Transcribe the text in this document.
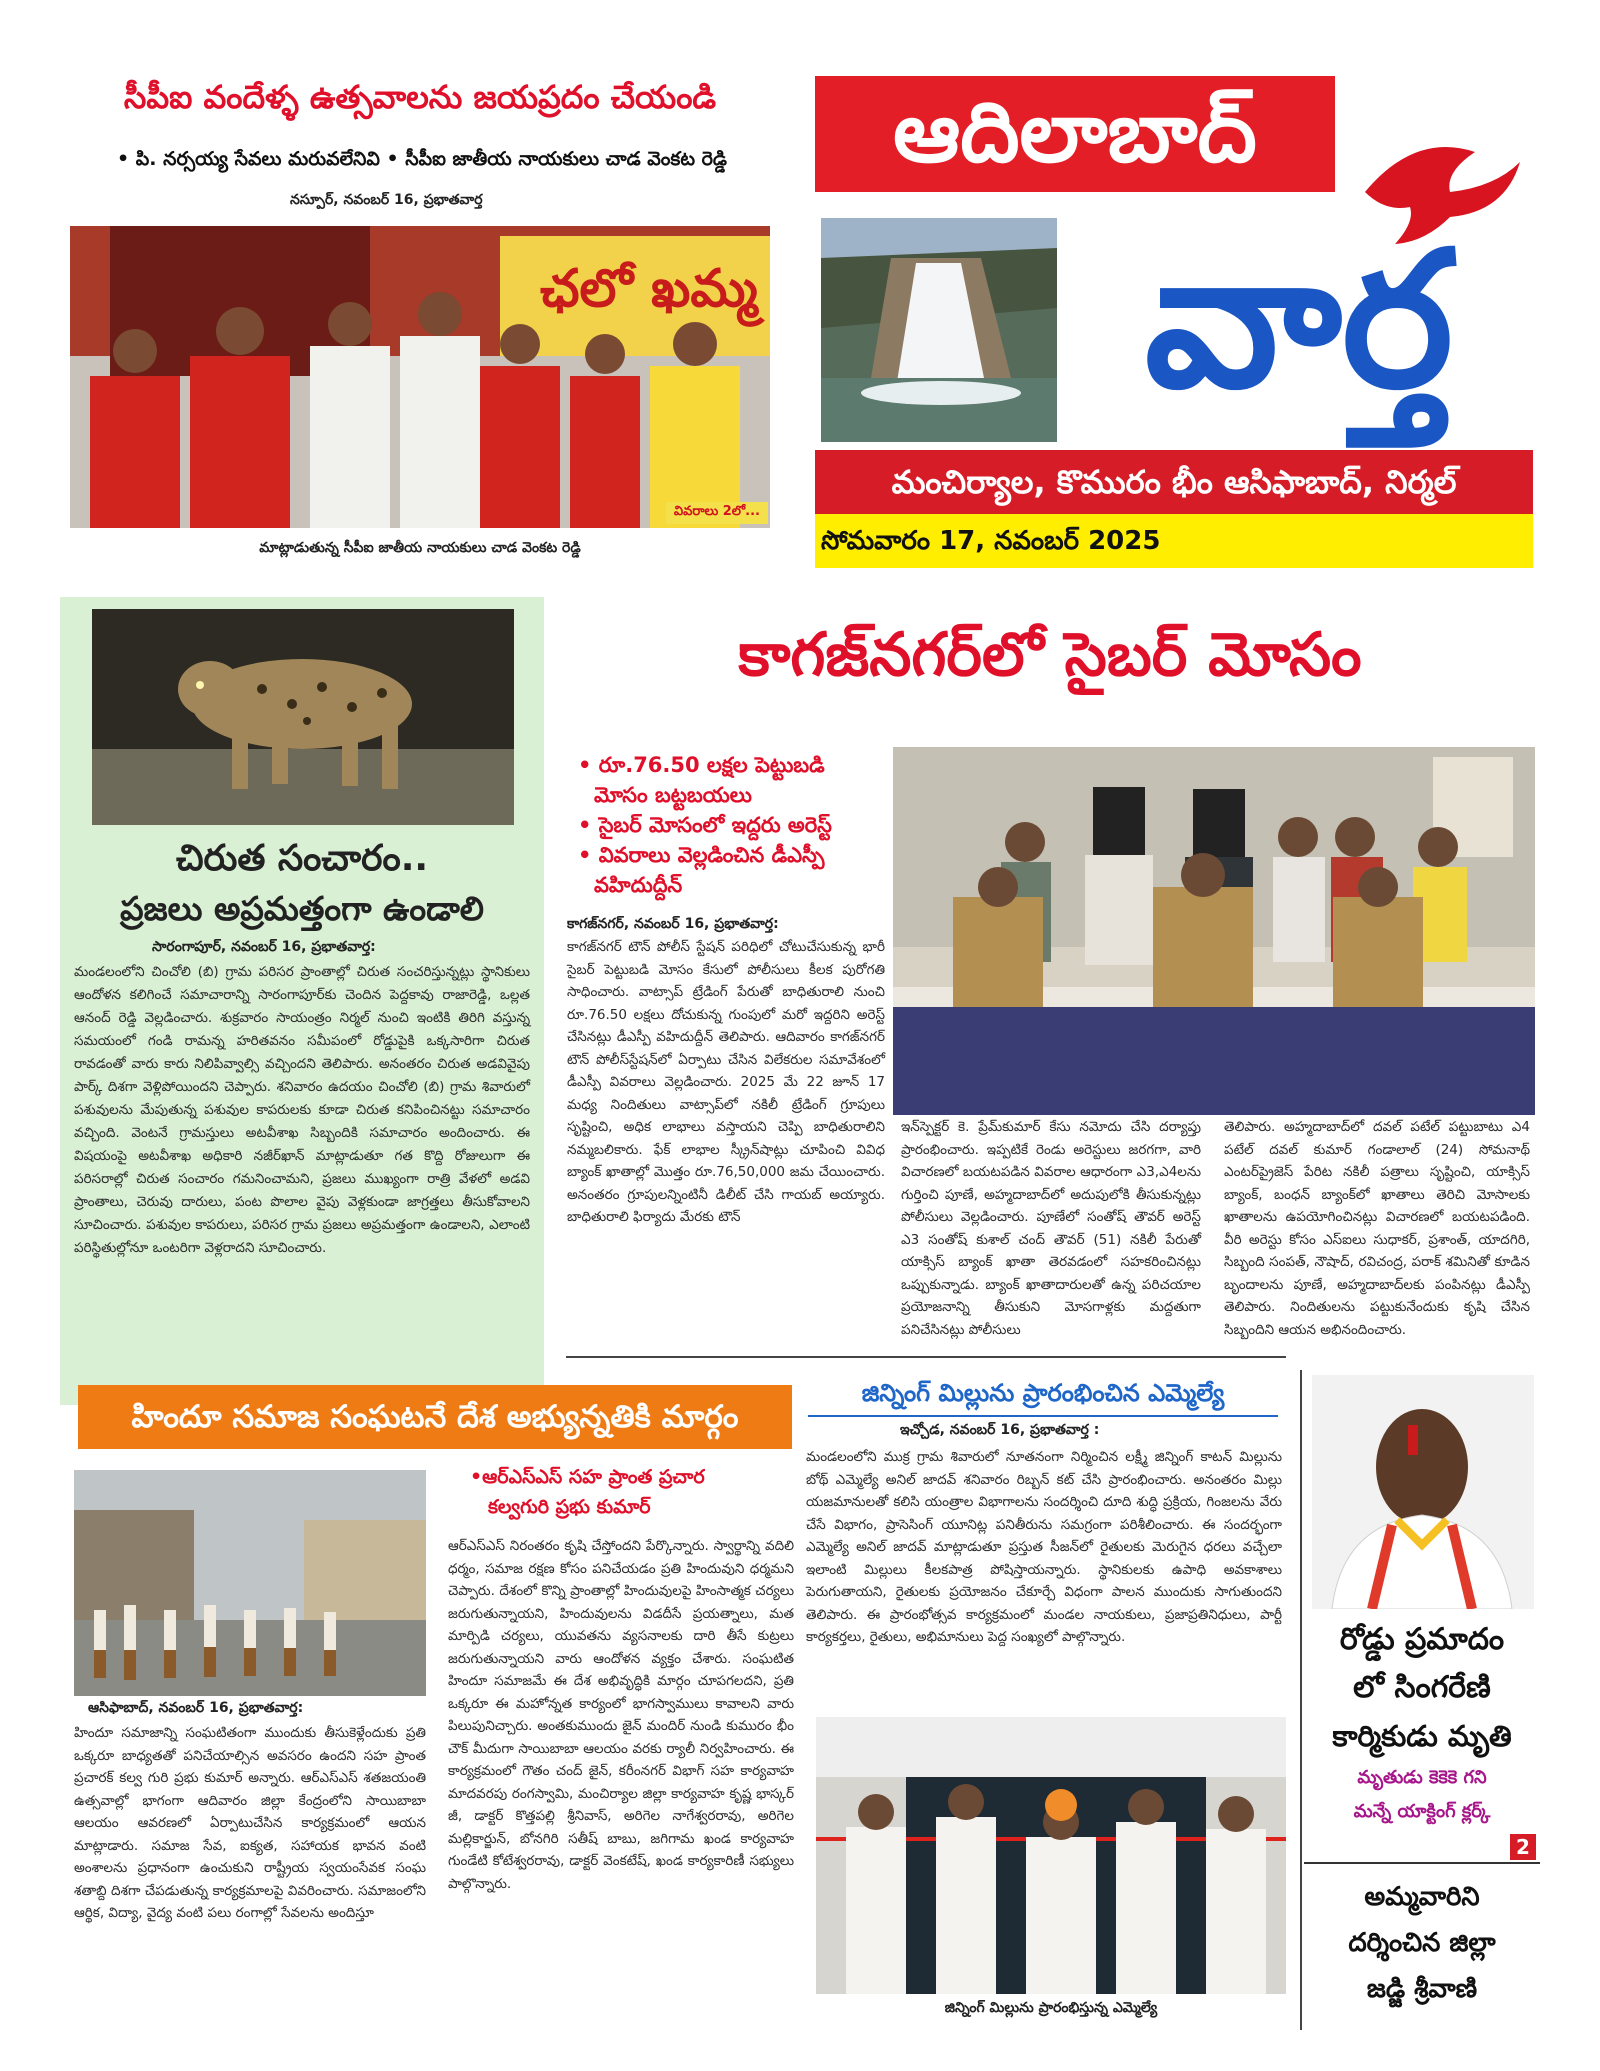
సీపీఐ వందేళ్ళ ఉత్సవాలను జయప్రదం చేయండి
• పి. నర్సయ్య సేవలు మరువలేనివి • సీపీఐ జాతీయ నాయకులు చాడ వెంకట రెడ్డి
నస్పూర్, నవంబర్ 16, ప్రభాతవార్త
ఛలో ఖమ్మ
వివరాలు 2లో...
మాట్లాడుతున్న సీపీఐ జాతీయ నాయకులు చాడ వెంకట రెడ్డి
ఆదిలాబాద్
వార్త
మంచిర్యాల, కొమురం భీం ఆసిఫాబాద్, నిర్మల్
సోమవారం 17, నవంబర్ 2025
చిరుత సంచారం..
ప్రజలు అప్రమత్తంగా ఉండాలి
సారంగాపూర్, నవంబర్ 16, ప్రభాతవార్త:
మండలంలోని చించోలి (బి) గ్రామ పరిసర ప్రాంతాల్లో చిరుత సంచరిస్తున్నట్లు స్థానికులు ఆందోళన కలిగించే సమాచారాన్ని సారంగాపూర్‌కు చెందిన పెద్దకావు రాజారెడ్డి, ఒల్లత ఆనంద్ రెడ్డి వెల్లడించారు. శుక్రవారం సాయంత్రం నిర్మల్ నుంచి ఇంటికి తిరిగి వస్తున్న సమయంలో గండి రామన్న హరితవనం సమీపంలో రోడ్డుపైకి ఒక్కసారిగా చిరుత రావడంతో వారు కారు నిలిపివ్వాల్సి వచ్చిందని తెలిపారు. అనంతరం చిరుత అడవివైపు పార్క్ దిశగా వెళ్లిపోయిందని చెప్పారు. శనివారం ఉదయం చించోలి (బి) గ్రామ శివారులో పశువులను మేపుతున్న పశువుల కాపరులకు కూడా చిరుత కనిపించినట్టు సమాచారం వచ్చింది. వెంటనే గ్రామస్తులు అటవీశాఖ సిబ్బందికి సమాచారం అందించారు. ఈ విషయంపై అటవీశాఖ అధికారి నజీర్‌ఖాన్ మాట్లాడుతూ గత కొద్ది రోజులుగా ఈ పరిసరాల్లో చిరుత సంచారం గమనించామని, ప్రజలు ముఖ్యంగా రాత్రి వేళలో అడవి ప్రాంతాలు, చెరువు దారులు, పంట పొలాల వైపు వెళ్లకుండా జాగ్రత్తలు తీసుకోవాలని సూచించారు. పశువుల కాపరులు, పరిసర గ్రామ ప్రజలు అప్రమత్తంగా ఉండాలని, ఎలాంటి పరిస్థితుల్లోనూ ఒంటరిగా వెళ్లరాదని సూచించారు.
కాగజ్‌నగర్‌లో సైబర్ మోసం
• రూ.76.50 లక్షల పెట్టుబడి
మోసం బట్టబయలు
• సైబర్ మోసంలో ఇద్దరు అరెస్ట్
• వివరాలు వెల్లడించిన డీఎస్పీ
వహిదుద్దీన్
కాగజ్‌నగర్, నవంబర్ 16, ప్రభాతవార్త:
కాగజ్‌నగర్ టౌన్ పోలీస్ స్టేషన్ పరిధిలో చోటుచేసుకున్న భారీ సైబర్ పెట్టుబడి మోసం కేసులో పోలీసులు కీలక పురోగతి సాధించారు. వాట్సాప్ ట్రేడింగ్ పేరుతో బాధితురాలి నుంచి రూ.76.50 లక్షలు దోచుకున్న గుంపులో మరో ఇద్దరిని అరెస్ట్ చేసినట్లు డీఎస్పీ వహిదుద్దీన్ తెలిపారు. ఆదివారం కాగజ్‌నగర్ టౌన్ పోలీస్‌స్టేషన్‌లో ఏర్పాటు చేసిన విలేకరుల సమావేశంలో డీఎస్పీ వివరాలు వెల్లడించారు. 2025 మే 22 జూన్ 17 మధ్య నిందితులు వాట్సాప్‌లో నకిలీ ట్రేడింగ్ గ్రూపులు సృష్టించి, అధిక లాభాలు వస్తాయని చెప్పి బాధితురాలిని నమ్మబలికారు. ఫేక్ లాభాల స్క్రీన్‌షాట్లు చూపించి వివిధ బ్యాంక్ ఖాతాల్లో మొత్తం రూ.76,50,000 జమ చేయించారు. అనంతరం గ్రూపులన్నింటినీ డిలీట్ చేసి గాయబ్ అయ్యారు. బాధితురాలి ఫిర్యాదు మేరకు టౌన్
ఇన్‌స్పెక్టర్ కె. ప్రేమ్‌కుమార్ కేసు నమోదు చేసి దర్యాప్తు ప్రారంభించారు. ఇప్పటికే రెండు అరెస్టులు జరగగా, వారి విచారణలో బయటపడిన వివరాల ఆధారంగా ఎ3,ఎ4లను గుర్తించి పూణే, అహ్మదాబాద్‌లో అదుపులోకి తీసుకున్నట్లు పోలీసులు వెల్లడించారు. పూణేలో సంతోష్ తౌవర్ అరెస్ట్ ఎ3 సంతోష్ కుశాల్ చంద్ తౌవర్ (51) నకిలీ పేరుతో యాక్సిస్ బ్యాంక్ ఖాతా తెరవడంలో సహకరించినట్లు ఒప్పుకున్నాడు. బ్యాంక్ ఖాతాదారులతో ఉన్న పరిచయాల ప్రయోజనాన్ని తీసుకుని మోసగాళ్లకు మద్దతుగా పనిచేసినట్లు పోలీసులు
తెలిపారు. అహ్మదాబాద్‌లో దవల్ పటేల్ పట్టుబాటు ఎ4 పటేల్ దవల్ కుమార్ గండాలాల్ (24) సోమనాథ్ ఎంటర్‌ప్రైజెస్ పేరిట నకిలీ పత్రాలు సృష్టించి, యాక్సిస్ బ్యాంక్, బంధన్ బ్యాంక్‌లో ఖాతాలు తెరిచి మోసాలకు ఖాతాలను ఉపయోగించినట్లు విచారణలో బయటపడింది. వీరి అరెస్టు కోసం ఎస్‌ఐలు సుధాకర్, ప్రశాంత్, యాదగిరి, సిబ్బంది సంపత్, నౌషాద్, రవిచంద్ర, పరాక్ శమినితో కూడిన బృందాలను పూణే, అహ్మదాబాద్‌లకు పంపినట్లు డీఎస్పీ తెలిపారు. నిందితులను పట్టుకునేందుకు కృషి చేసిన సిబ్బందిని ఆయన అభినందించారు.
హిందూ సమాజ సంఘటనే దేశ అభ్యున్నతికి మార్గం
•ఆర్ఎస్ఎస్ సహ ప్రాంత ప్రచార
కల్వగురి ప్రభు కుమార్
ఆసిఫాబాద్, నవంబర్ 16, ప్రభాతవార్త:
హిందూ సమాజాన్ని సంఘటితంగా ముందుకు తీసుకెళ్లేందుకు ప్రతి ఒక్కరూ బాధ్యతతో పనిచేయాల్సిన అవసరం ఉందని సహ ప్రాంత ప్రచారక్ కల్వ గురి ప్రభు కుమార్ అన్నారు. ఆర్ఎస్ఎస్ శతజయంతి ఉత్సవాల్లో భాగంగా ఆదివారం జిల్లా కేంద్రంలోని సాయిబాబా ఆలయం ఆవరణలో ఏర్పాటుచేసిన కార్యక్రమంలో ఆయన మాట్లాడారు. సమాజ సేవ, ఐక్యత, సహాయక భావన వంటి అంశాలను ప్రధానంగా ఉంచుకుని రాష్ట్రీయ స్వయంసేవక సంఘ శతాబ్ది దిశగా చేపడుతున్న కార్యక్రమాలపై వివరించారు. సమాజంలోని ఆర్థిక, విద్యా, వైద్య వంటి పలు రంగాల్లో సేవలను అందిస్తూ
ఆర్ఎస్ఎస్ నిరంతరం కృషి చేస్తోందని పేర్కొన్నారు. స్వార్థాన్ని వదిలి ధర్మం, సమాజ రక్షణ కోసం పనిచేయడం ప్రతి హిందువుని ధర్మమని చెప్పారు. దేశంలో కొన్ని ప్రాంతాల్లో హిందువులపై హింసాత్మక చర్యలు జరుగుతున్నాయని, హిందువులను విడదీసే ప్రయత్నాలు, మత మార్పిడి చర్యలు, యువతను వ్యసనాలకు దారి తీసే కుట్రలు జరుగుతున్నాయని వారు ఆందోళన వ్యక్తం చేశారు. సంఘటిత హిందూ సమాజమే ఈ దేశ అభివృద్ధికి మార్గం చూపగలదని, ప్రతి ఒక్కరూ ఈ మహోన్నత కార్యంలో భాగస్వాములు కావాలని వారు పిలుపునిచ్చారు. అంతకుముందు జైన్ మందిర్ నుండి కుమురం భీం చౌక్ మీదుగా సాయిబాబా ఆలయం వరకు ర్యాలీ నిర్వహించారు. ఈ కార్యక్రమంలో గౌతం చంద్ జైన్, కరీంనగర్ విభాగ్ సహ కార్యవాహ మాదవరపు రంగస్వామి, మంచిర్యాల జిల్లా కార్యవాహ కృష్ణ భాస్కర్ జీ, డాక్టర్ కొత్తపల్లి శ్రీనివాస్, అరిగెల నాగేశ్వరరావు, అరిగెల మల్లికార్జున్, బోనగిరి సతీష్ బాబు, జగిగామ ఖండ కార్యవాహ గుండేటి కోటేశ్వరరావు, డాక్టర్ వెంకటేష్, ఖండ కార్యకారిణీ సభ్యులు పాల్గొన్నారు.
జిన్నింగ్ మిల్లును ప్రారంభించిన ఎమ్మెల్యే
ఇచ్చోడ, నవంబర్ 16, ప్రభాతవార్త :
మండలంలోని ముక్ర గ్రామ శివారులో నూతనంగా నిర్మించిన లక్ష్మీ జిన్నింగ్ కాటన్ మిల్లును బోథ్ ఎమ్మెల్యే అనిల్ జాదవ్ శనివారం రిబ్బన్ కట్ చేసి ప్రారంభించారు. అనంతరం మిల్లు యజమానులతో కలిసి యంత్రాల విభాగాలను సందర్శించి దూది శుద్ధి ప్రక్రియ, గింజలను వేరు చేసే విభాగం, ప్రాసెసింగ్ యూనిట్ల పనితీరును సమగ్రంగా పరిశీలించారు. ఈ సందర్భంగా ఎమ్మెల్యే అనిల్ జాదవ్ మాట్లాడుతూ ప్రస్తుత సీజన్‌లో రైతులకు మెరుగైన ధరలు వచ్చేలా ఇలాంటి మిల్లులు కీలకపాత్ర పోషిస్తాయన్నారు. స్థానికులకు ఉపాధి అవకాశాలు పెరుగుతాయని, రైతులకు ప్రయోజనం చేకూర్చే విధంగా పాలన ముందుకు సాగుతుందని తెలిపారు. ఈ ప్రారంభోత్సవ కార్యక్రమంలో మండల నాయకులు, ప్రజాప్రతినిధులు, పార్టీ కార్యకర్తలు, రైతులు, అభిమానులు పెద్ద సంఖ్యలో పాల్గొన్నారు.
జిన్నింగ్ మిల్లును ప్రారంభిస్తున్న ఎమ్మెల్యే
రోడ్డు ప్రమాదం
లో సింగరేణి
కార్మికుడు మృతి
మృతుడు కెకెకె గని
మన్నే యాక్టింగ్ క్లర్క్
2
అమ్మవారిని
దర్శించిన జిల్లా
జడ్జి శ్రీవాణి
